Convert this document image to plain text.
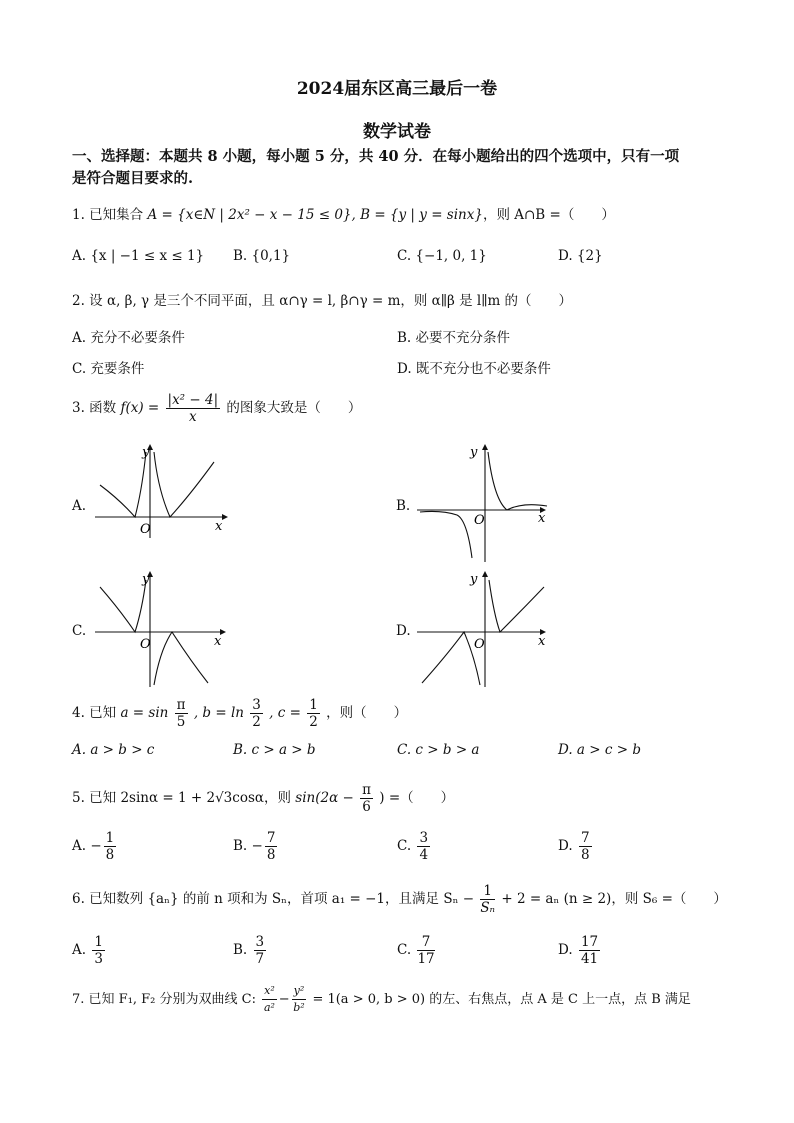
2024届东区高三最后一卷
数学试卷
一、选择题：本题共 8 小题，每小题 5 分，共 40 分．在每小题给出的四个选项中，只有一项
是符合题目要求的.
1. 已知集合 A = {x∈N | 2x² − x − 15 ≤ 0}, B = {y | y = sinx}，则 A∩B =（　　）
A. {x | −1 ≤ x ≤ 1} B. {0,1}	C. {−1, 0, 1}	D. {2}
2. 设 α, β, γ 是三个不同平面，且 α∩γ = l, β∩γ = m，则 α∥β 是 l∥m 的（　　）
A. 充分不必要条件	B. 必要不充分条件
C. 充要条件	D. 既不充分也不必要条件
3. 函数 $f(x) = \frac{\text{|x² − 4|}}{x}$ 的图象大致是（　　）
A.	B.
C.	D.
y
O	x
y
O	x
y
O	x
y
O	x
4. 已知 $a = \sin \frac{\pi}{5}$ , $b = \ln \frac{3}{2}$ , $c = \frac{1}{2}$ ，则（　　）
A. a > b > c	B. c > a > b	C. c > b > a	D. a > c > b
5. 已知 2sinα = 1 + 2√3cosα，则 $\sin(2\alpha - \frac{\pi}{6}$ ) =（　　）
A. − $\frac{1}{8}$	B. − $\frac{7}{8}$	C. $\frac{3}{4}$	D. $\frac{7}{8}$
6. 已知数列 {aₙ} 的前 n 项和为 Sₙ，首项 a₁ = −1，且满足 $S_n - \frac{1}{\text{Sₙ}} + 2 = a_n$ (n ≥ 2)，则 S₆ =（　　）
A. $\frac{1}{3}$	B. $\frac{3}{7}$	C. $\frac{7}{17}$	D. $\frac{17}{41}$
7. 已知 F₁, F₂ 分别为双曲线 C: $\frac{\text{x²}}{\text{a²}} - \frac{\text{y²}}{\text{b²}} = 1(a > 0$, b > 0) 的左、右焦点，点 A 是 C 上一点，点 B 满足
